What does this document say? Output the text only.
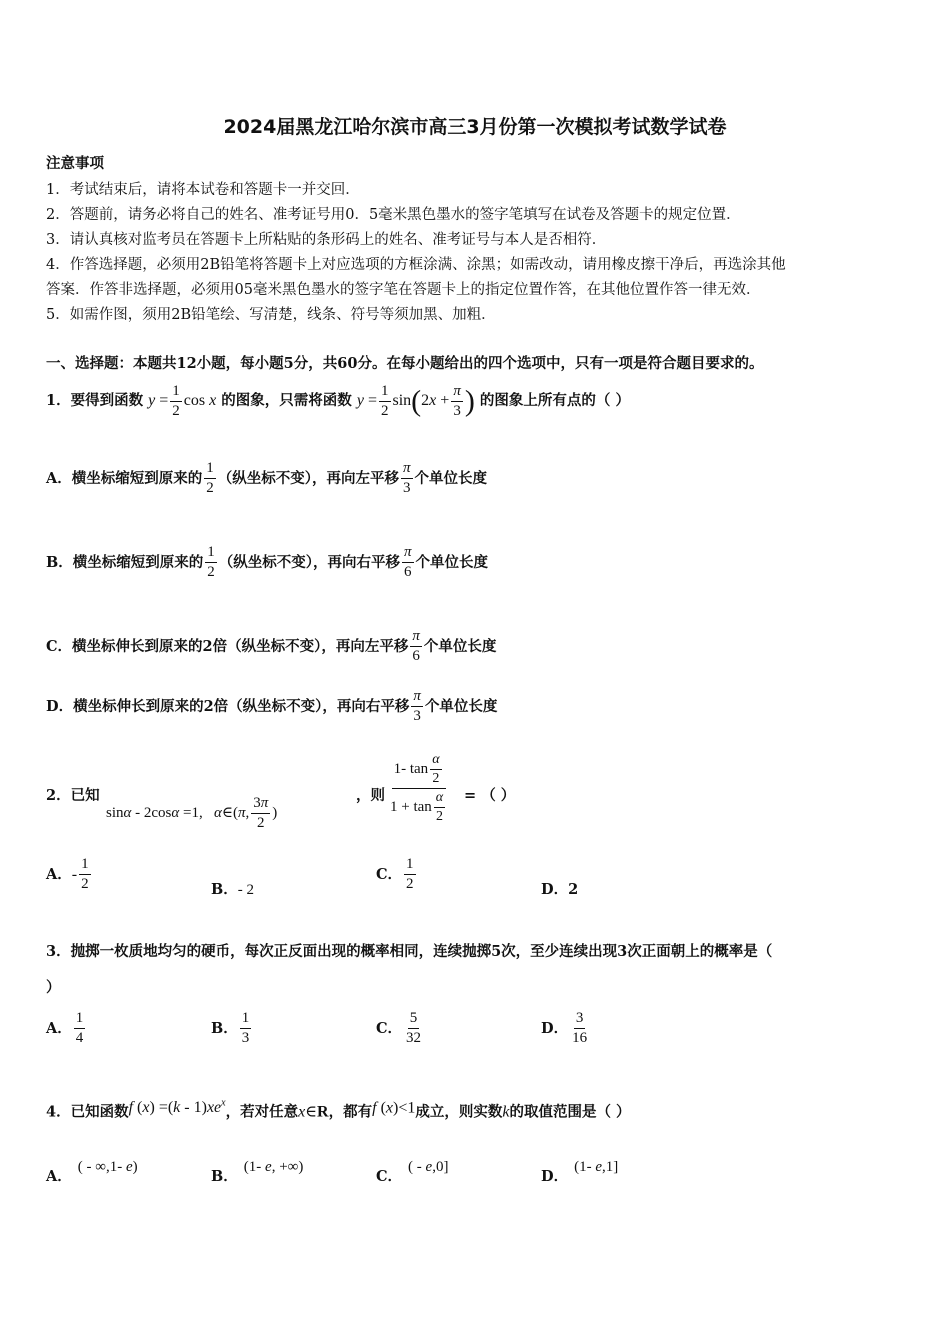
2024届黑龙江哈尔滨市高三3月份第一次模拟考试数学试卷
注意事项
1．考试结束后，请将本试卷和答题卡一并交回．
2．答题前，请务必将自己的姓名、准考证号用0．5毫米黑色墨水的签字笔填写在试卷及答题卡的规定位置．
3．请认真核对监考员在答题卡上所粘贴的条形码上的姓名、准考证号与本人是否相符．
4．作答选择题，必须用2B铅笔将答题卡上对应选项的方框涂满、涂黑；如需改动，请用橡皮擦干净后，再选涂其他
答案．作答非选择题，必须用05毫米黑色墨水的签字笔在答题卡上的指定位置作答，在其他位置作答一律无效．
5．如需作图，须用2B铅笔绘、写清楚，线条、符号等须加黑、加粗．
一、选择题：本题共12小题，每小题5分，共60分。在每小题给出的四个选项中，只有一项是符合题目要求的。
1．要得到函数 $y = \frac{1}{2}$ cos x 的图象，只需将函数 $y = \frac{1}{2} \sin(2x + \frac{\pi}{3}$ ) 的图象上所有点的（ ）
A．横坐标缩短到原来的 $\frac{1}{2}$ （纵坐标不变），再向左平移 $\frac{\pi}{3}$ 个单位长度
B．横坐标缩短到原来的 $\frac{1}{2}$ （纵坐标不变），再向右平移 $\frac{\pi}{6}$ 个单位长度
C．横坐标伸长到原来的2倍（纵坐标不变），再向左平移 $\frac{\pi}{6}$ 个单位长度
D．横坐标伸长到原来的2倍（纵坐标不变），再向右平移 $\frac{\pi}{3}$ 个单位长度
2．已知
sinα - 2cosα =1,   α∈(π, $\frac{3\pi}{2}$ )
，则 $\frac{1- \tan \frac{\alpha}{2}}{1 + \tan \frac{\alpha}{2}}$ = （ ）
A．- $\frac{1}{2}$	B．- 2
C． $\frac{1}{2}$	D．2
3．抛掷一枚质地均匀的硬币，每次正反面出现的概率相同，连续抛掷5次，至少连续出现3次正面朝上的概率是（
）
A． $\frac{1}{4}$	B． $\frac{1}{3}$	C． $\frac{5}{32}$	D． $\frac{3}{16}$
4．已知函数f $(x) =(k - 1)xe^x$，若对任意x∈R，都有f (x)<1成立，则实数k的取值范围是（ ）
A．( - ∞,1- e)
B．(1- e, +∞)
C．( - e,0]
D．(1- e,1]
